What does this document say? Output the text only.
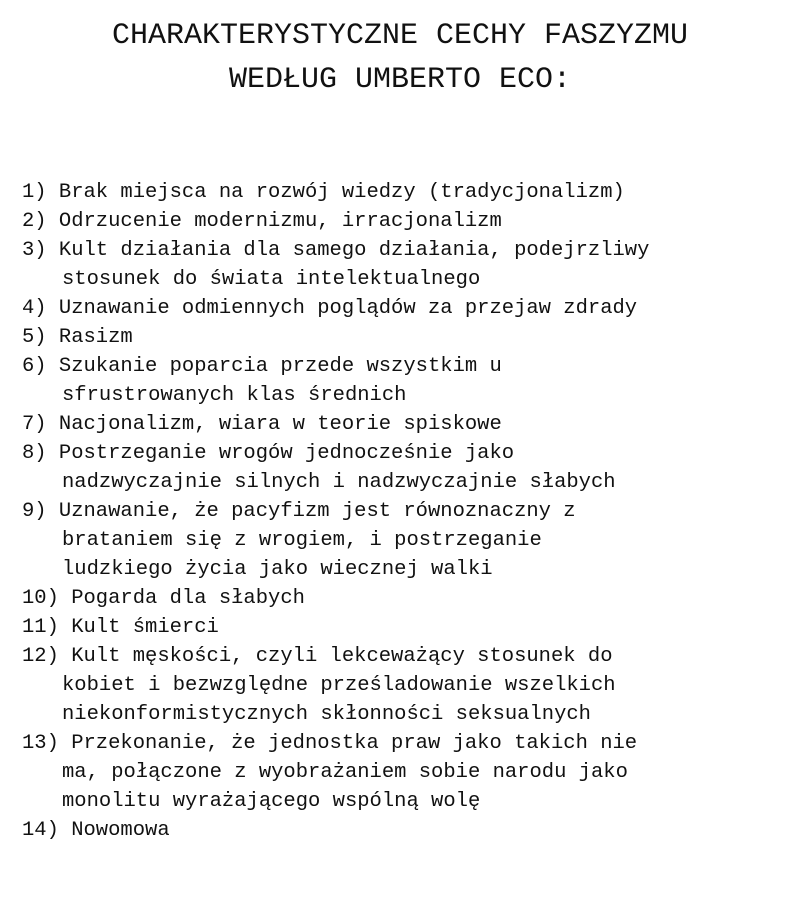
CHARAKTERYSTYCZNE CECHY FASZYZMU
WEDŁUG UMBERTO ECO:
1) Brak miejsca na rozwój wiedzy (tradycjonalizm)
2) Odrzucenie modernizmu, irracjonalizm
3) Kult działania dla samego działania, podejrzliwy
stosunek do świata intelektualnego
4) Uznawanie odmiennych poglądów za przejaw zdrady
5) Rasizm
6) Szukanie poparcia przede wszystkim u
sfrustrowanych klas średnich
7) Nacjonalizm, wiara w teorie spiskowe
8) Postrzeganie wrogów jednocześnie jako
nadzwyczajnie silnych i nadzwyczajnie słabych
9) Uznawanie, że pacyfizm jest równoznaczny z
brataniem się z wrogiem, i postrzeganie
ludzkiego życia jako wiecznej walki
10) Pogarda dla słabych
11) Kult śmierci
12) Kult męskości, czyli lekceważący stosunek do
kobiet i bezwzględne prześladowanie wszelkich
niekonformistycznych skłonności seksualnych
13) Przekonanie, że jednostka praw jako takich nie
ma, połączone z wyobrażaniem sobie narodu jako
monolitu wyrażającego wspólną wolę
14) Nowomowa
